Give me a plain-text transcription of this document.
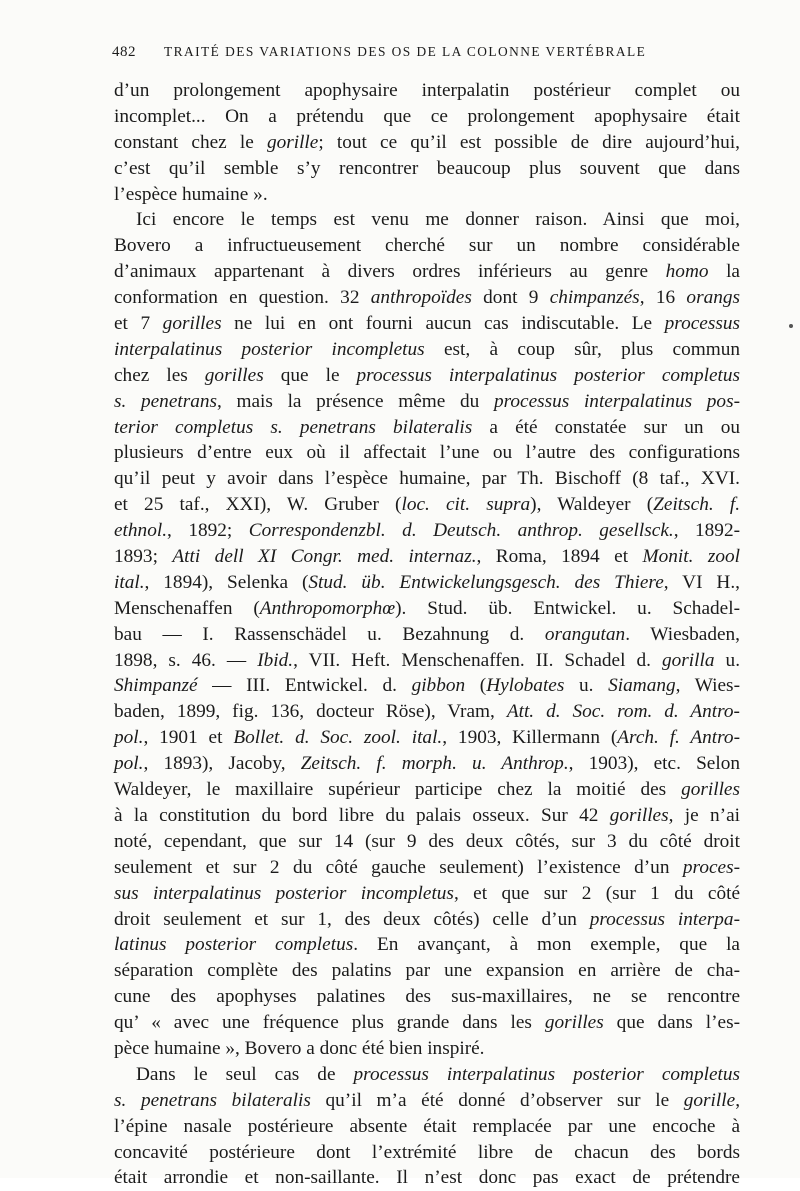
482 TRAITÉ DES VARIATIONS DES OS DE LA COLONNE VERTÉBRALE
d’un prolongement apophysaire interpalatin postérieur complet ou
incomplet... On a prétendu que ce prolongement apophysaire était
constant chez le gorille; tout ce qu’il est possible de dire aujourd’hui,
c’est qu’il semble s’y rencontrer beaucoup plus souvent que dans
l’espèce humaine ».
Ici encore le temps est venu me donner raison. Ainsi que moi,
Bovero a infructueusement cherché sur un nombre considérable
d’animaux appartenant à divers ordres inférieurs au genre homo la
conformation en question. 32 anthropoïdes dont 9 chimpanzés, 16 orangs
et 7 gorilles ne lui en ont fourni aucun cas indiscutable. Le processus
interpalatinus posterior incompletus est, à coup sûr, plus commun
chez les gorilles que le processus interpalatinus posterior completus
s. penetrans, mais la présence même du processus interpalatinus pos-
terior completus s. penetrans bilateralis a été constatée sur un ou
plusieurs d’entre eux où il affectait l’une ou l’autre des configurations
qu’il peut y avoir dans l’espèce humaine, par Th. Bischoff (8 taf., XVI.
et 25 taf., XXI), W. Gruber (loc. cit. supra), Waldeyer (Zeitsch. f.
ethnol., 1892; Correspondenzbl. d. Deutsch. anthrop. gesellsck., 1892-
1893; Atti dell XI Congr. med. internaz., Roma, 1894 et Monit. zool
ital., 1894), Selenka (Stud. üb. Entwickelungsgesch. des Thiere, VI H.,
Menschenaffen (Anthropomorphœ). Stud. üb. Entwickel. u. Schadel-
bau — I. Rassenschädel u. Bezahnung d. orangutan. Wiesbaden,
1898, s. 46. — Ibid., VII. Heft. Menschenaffen. II. Schadel d. gorilla u.
Shimpanzé — III. Entwickel. d. gibbon (Hylobates u. Siamang, Wies-
baden, 1899, fig. 136, docteur Röse), Vram, Att. d. Soc. rom. d. Antro-
pol., 1901 et Bollet. d. Soc. zool. ital., 1903, Killermann (Arch. f. Antro-
pol., 1893), Jacoby, Zeitsch. f. morph. u. Anthrop., 1903), etc. Selon
Waldeyer, le maxillaire supérieur participe chez la moitié des gorilles
à la constitution du bord libre du palais osseux. Sur 42 gorilles, je n’ai
noté, cependant, que sur 14 (sur 9 des deux côtés, sur 3 du côté droit
seulement et sur 2 du côté gauche seulement) l’existence d’un proces-
sus interpalatinus posterior incompletus, et que sur 2 (sur 1 du côté
droit seulement et sur 1, des deux côtés) celle d’un processus interpa-
latinus posterior completus. En avançant, à mon exemple, que la
séparation complète des palatins par une expansion en arrière de cha-
cune des apophyses palatines des sus-maxillaires, ne se rencontre
qu’ « avec une fréquence plus grande dans les gorilles que dans l’es-
pèce humaine », Bovero a donc été bien inspiré.
Dans le seul cas de processus interpalatinus posterior completus
s. penetrans bilateralis qu’il m’a été donné d’observer sur le gorille,
l’épine nasale postérieure absente était remplacée par une encoche à
concavité postérieure dont l’extrémité libre de chacun des bords
était arrondie et non-saillante. Il n’est donc pas exact de prétendre
